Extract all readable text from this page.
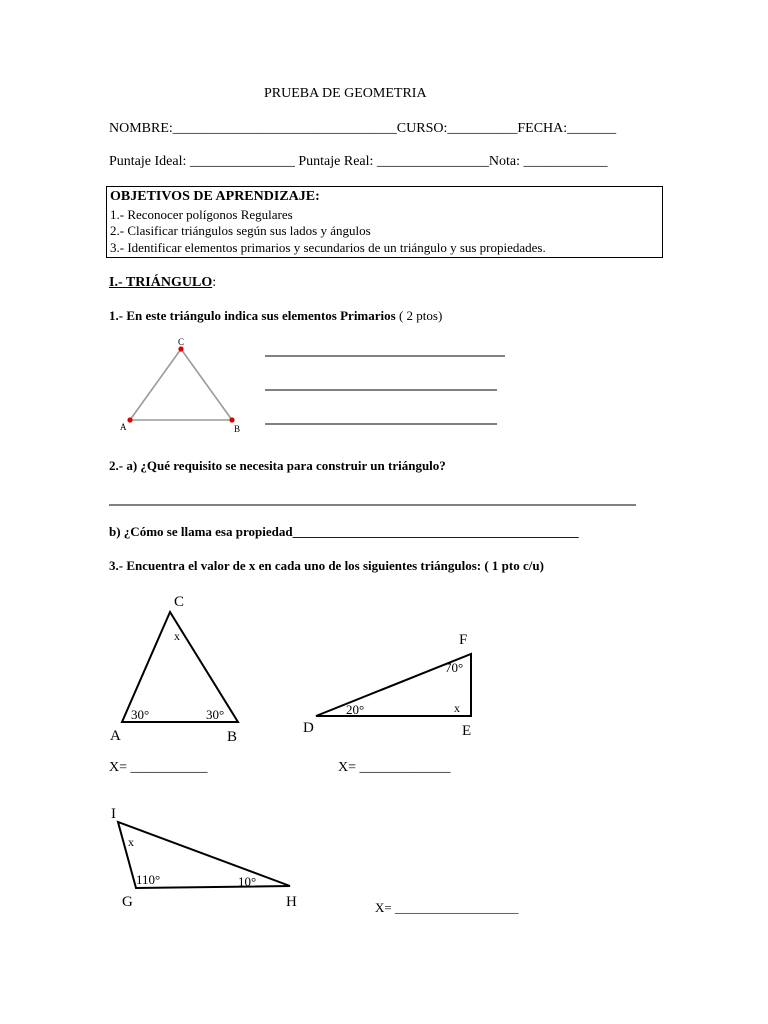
PRUEBA DE GEOMETRIA
NOMBRE:________________________________CURSO:__________FECHA:_______
Puntaje Ideal: _______________ Puntaje Real: ________________Nota: ____________
OBJETIVOS DE APRENDIZAJE:
1.- Reconocer polígonos Regulares
2.- Clasificar triángulos según sus lados y ángulos
3.- Identificar elementos primarios y secundarios de un triángulo y sus propiedades.
I.- TRIÁNGULO:
1.- En este triángulo indica sus elementos Primarios ( 2 ptos)
C
A	B
C
A	B
x
30°	30°
F
D	E
70°
20°	x
I
G	H
x
110°	10°
2.- a) ¿Qué requisito se necesita para construir un triángulo?
b) ¿Cómo se llama esa propiedad____________________________________________
3.- Encuentra el valor de x en cada uno de los siguientes triángulos: ( 1 pto c/u)
X= ___________	X= _____________
X= ___________________
